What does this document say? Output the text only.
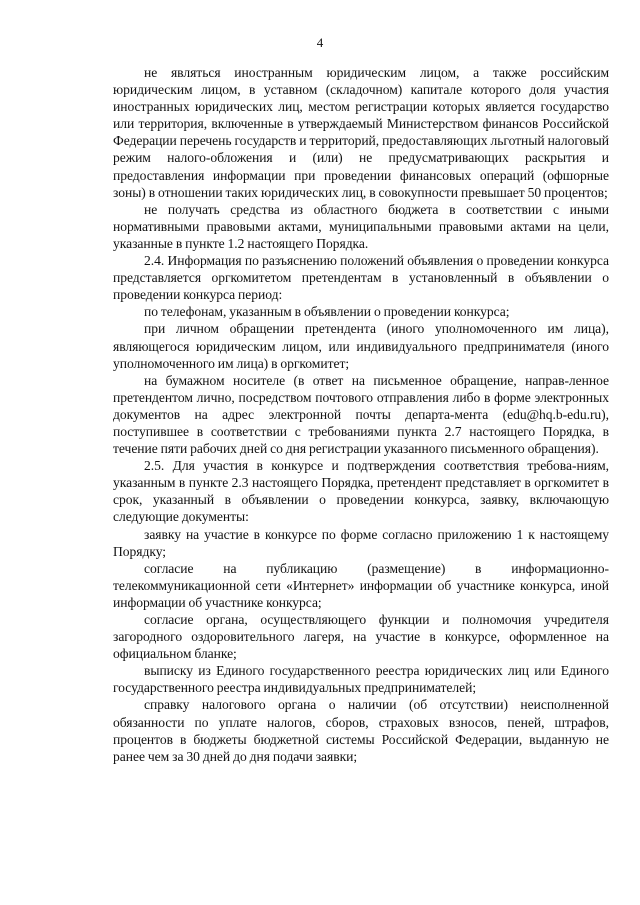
4

не являться иностранным юридическим лицом, а также российским юридическим лицом, в уставном (складочном) капитале которого доля участия иностранных юридических лиц, местом регистрации которых является государство или территория, включенные в утверждаемый Министерством финансов Российской Федерации перечень государств и территорий, предоставляющих льготный налоговый режим налого-обложения и (или) не предусматривающих раскрытия и предоставления информации при проведении финансовых операций (офшорные зоны) в отношении таких юридических лиц, в совокупности превышает 50 процентов;

не получать средства из областного бюджета в соответствии с иными нормативными правовыми актами, муниципальными правовыми актами на цели, указанные в пункте 1.2 настоящего Порядка.

2.4. Информация по разъяснению положений объявления о проведении конкурса представляется оргкомитетом претендентам в установленный в объявлении о проведении конкурса период:

по телефонам, указанным в объявлении о проведении конкурса;

при личном обращении претендента (иного уполномоченного им лица), являющегося юридическим лицом, или индивидуального предпринимателя (иного уполномоченного им лица) в оргкомитет;

на бумажном носителе (в ответ на письменное обращение, направ-ленное претендентом лично, посредством почтового отправления либо в форме электронных документов на адрес электронной почты департа-мента (edu@hq.b-edu.ru), поступившее в соответствии с требованиями пункта 2.7 настоящего Порядка, в течение пяти рабочих дней со дня регистрации указанного письменного обращения).

2.5. Для участия в конкурсе и подтверждения соответствия требова-ниям, указанным в пункте 2.3 настоящего Порядка, претендент представляет в оргкомитет в срок, указанный в объявлении о проведении конкурса, заявку, включающую следующие документы:

заявку на участие в конкурсе по форме согласно приложению 1 к настоящему Порядку;

согласие на публикацию (размещение) в информационно-телекоммуникационной сети «Интернет» информации об участнике конкурса, иной информации об участнике конкурса;

согласие органа, осуществляющего функции и полномочия учредителя загородного оздоровительного лагеря, на участие в конкурсе, оформленное на официальном бланке;

выписку из Единого государственного реестра юридических лиц или Единого государственного реестра индивидуальных предпринимателей;

справку налогового органа о наличии (об отсутствии) неисполненной обязанности по уплате налогов, сборов, страховых взносов, пеней, штрафов, процентов в бюджеты бюджетной системы Российской Федерации, выданную не ранее чем за 30 дней до дня подачи заявки;
